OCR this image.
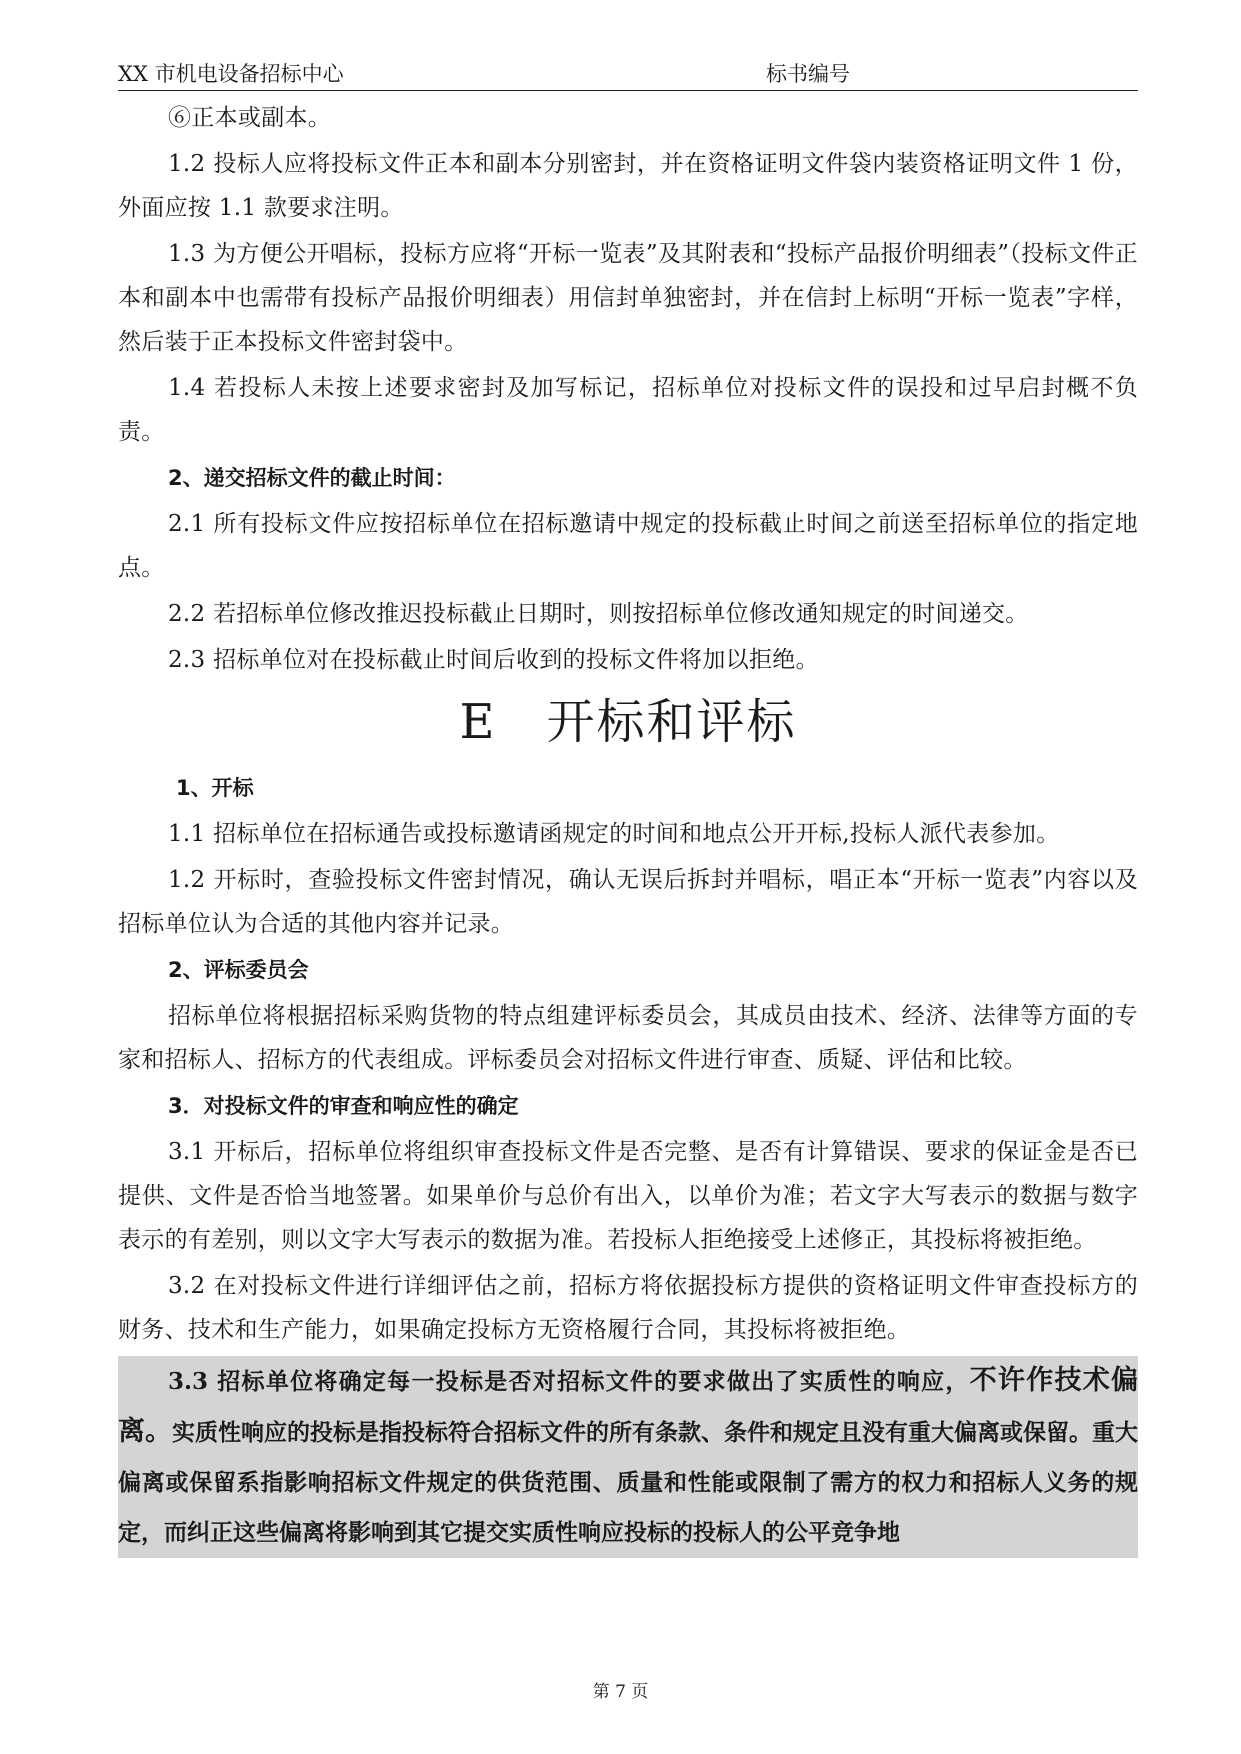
XX 市机电设备招标中心	标书编号

⑥正本或副本。

1.2 投标人应将投标文件正本和副本分别密封，并在资格证明文件袋内装资格证明文件 1 份，外面应按 1.1 款要求注明。

1.3 为方便公开唱标，投标方应将“开标一览表”及其附表和“投标产品报价明细表”（投标文件正本和副本中也需带有投标产品报价明细表）用信封单独密封，并在信封上标明“开标一览表”字样，然后装于正本投标文件密封袋中。

1.4 若投标人未按上述要求密封及加写标记，招标单位对投标文件的误投和过早启封概不负责。

2、递交招标文件的截止时间：

2.1 所有投标文件应按招标单位在招标邀请中规定的投标截止时间之前送至招标单位的指定地点。

2.2 若招标单位修改推迟投标截止日期时，则按招标单位修改通知规定的时间递交。

2.3 招标单位对在投标截止时间后收到的投标文件将加以拒绝。

E　开标和评标

1、开标

1.1 招标单位在招标通告或投标邀请函规定的时间和地点公开开标,投标人派代表参加。

1.2 开标时，查验投标文件密封情况，确认无误后拆封并唱标，唱正本“开标一览表”内容以及招标单位认为合适的其他内容并记录。

2、评标委员会

招标单位将根据招标采购货物的特点组建评标委员会，其成员由技术、经济、法律等方面的专家和招标人、招标方的代表组成。评标委员会对招标文件进行审查、质疑、评估和比较。

3．对投标文件的审查和响应性的确定

3.1 开标后，招标单位将组织审查投标文件是否完整、是否有计算错误、要求的保证金是否已提供、文件是否恰当地签署。如果单价与总价有出入，以单价为准；若文字大写表示的数据与数字表示的有差别，则以文字大写表示的数据为准。若投标人拒绝接受上述修正，其投标将被拒绝。

3.2 在对投标文件进行详细评估之前，招标方将依据投标方提供的资格证明文件审查投标方的财务、技术和生产能力，如果确定投标方无资格履行合同，其投标将被拒绝。

3.3 招标单位将确定每一投标是否对招标文件的要求做出了实质性的响应，不许作技术偏离。实质性响应的投标是指投标符合招标文件的所有条款、条件和规定且没有重大偏离或保留。重大偏离或保留系指影响招标文件规定的供货范围、质量和性能或限制了需方的权力和招标人义务的规定，而纠正这些偏离将影响到其它提交实质性响应投标的投标人的公平竞争地

第 7 页
